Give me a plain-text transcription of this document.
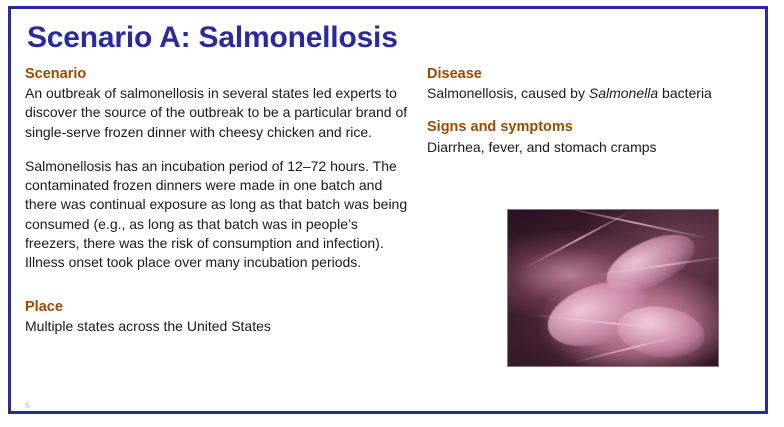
Scenario A: Salmonellosis
Scenario

An outbreak of salmonellosis in several states led experts to discover the source of the outbreak to be a particular brand of single-serve frozen dinner with cheesy chicken and rice.

Salmonellosis has an incubation period of 12–72 hours. The contaminated frozen dinners were made in one batch and there was continual exposure as long as that batch was being consumed (e.g., as long as that batch was in people’s freezers, there was the risk of consumption and infection). Illness onset took place over many incubation periods.

Place

Multiple states across the United States

Disease

Salmonellosis, caused by Salmonella bacteria

Signs and symptoms

Diarrhea, fever, and stomach cramps

6
